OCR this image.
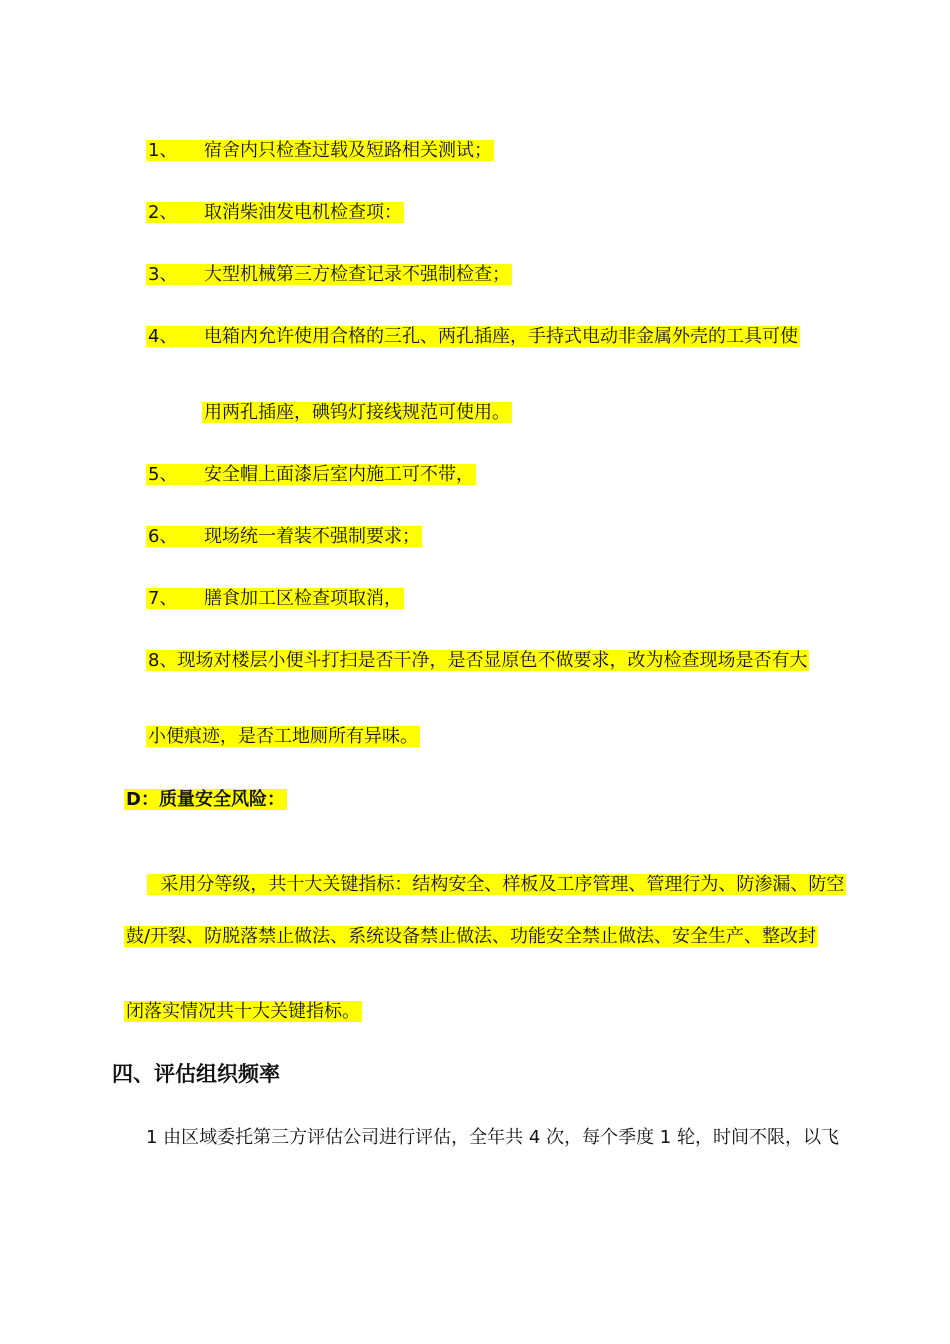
1、 宿舍内只检查过载及短路相关测试；
2、 取消柴油发电机检查项：
3、 大型机械第三方检查记录不强制检查；
4、 电箱内允许使用合格的三孔、两孔插座，手持式电动非金属外壳的工具可使
用两孔插座，碘钨灯接线规范可使用。
5、 安全帽上面漆后室内施工可不带，
6、 现场统一着装不强制要求；
7、 膳食加工区检查项取消，
8、现场对楼层小便斗打扫是否干净，是否显原色不做要求，改为检查现场是否有大
小便痕迹，是否工地厕所有异味。
D：质量安全风险：

采用分等级，共十大关键指标：结构安全、样板及工序管理、管理行为、防渗漏、防空

鼓/开裂、防脱落禁止做法、系统设备禁止做法、功能安全禁止做法、安全生产、整改封
闭落实情况共十大关键指标。
四、评估组织频率
1 由区域委托第三方评估公司进行评估，全年共 4 次，每个季度 1 轮，时间不限，以飞
